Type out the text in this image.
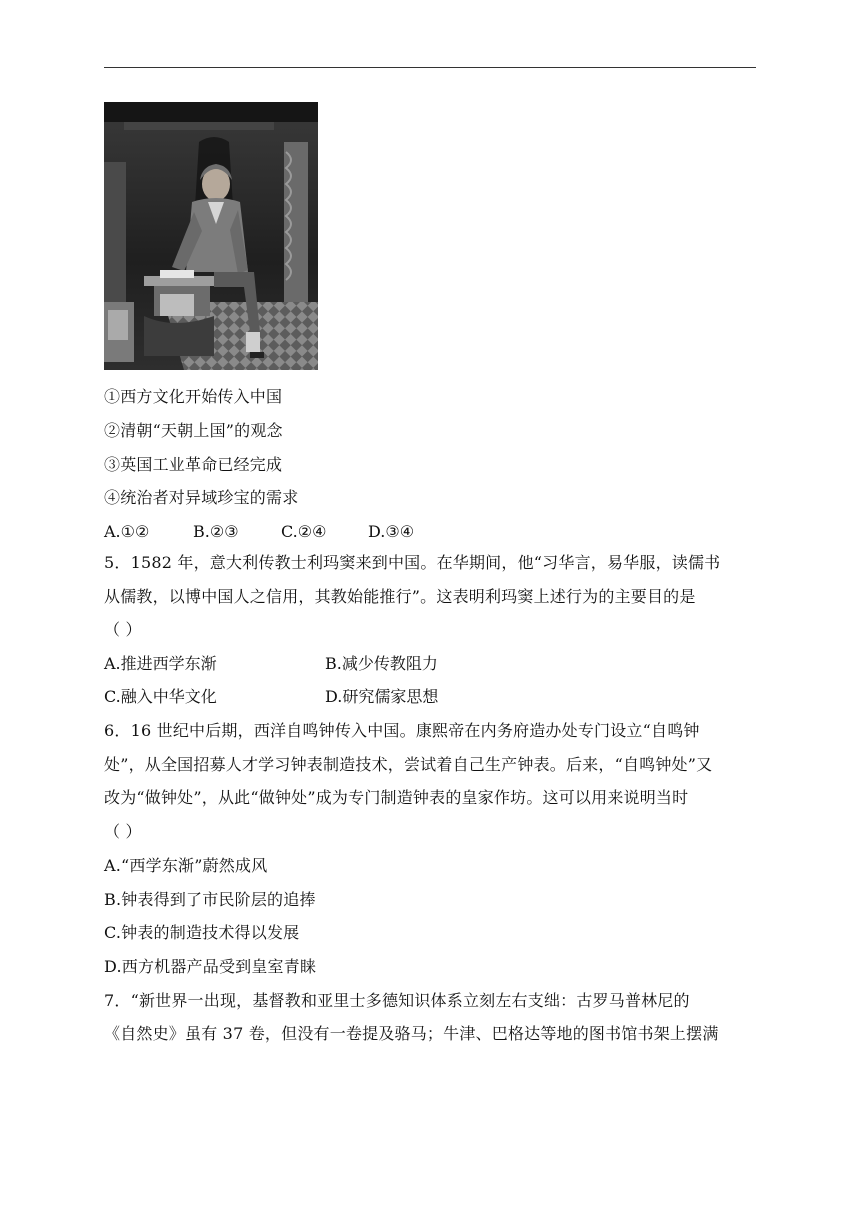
①西方文化开始传入中国
②清朝“天朝上国”的观念
③英国工业革命已经完成
④统治者对异域珍宝的需求
A.①②	B.②③	C.②④	D.③④
5．1582 年，意大利传教士利玛窦来到中国。在华期间，他“习华言，易华服，读儒书
从儒教，以博中国人之信用，其教始能推行”。这表明利玛窦上述行为的主要目的是
（ ）
A.推进西学东渐	B.减少传教阻力
C.融入中华文化	D.研究儒家思想
6．16 世纪中后期，西洋自鸣钟传入中国。康熙帝在内务府造办处专门设立“自鸣钟
处”，从全国招募人才学习钟表制造技术，尝试着自己生产钟表。后来，“自鸣钟处”又
改为“做钟处”，从此“做钟处”成为专门制造钟表的皇家作坊。这可以用来说明当时
（ ）
A.“西学东渐”蔚然成风
B.钟表得到了市民阶层的追捧
C.钟表的制造技术得以发展
D.西方机器产品受到皇室青睐
7．“新世界一出现，基督教和亚里士多德知识体系立刻左右支绌：古罗马普林尼的
《自然史》虽有 37 卷，但没有一卷提及骆马；牛津、巴格达等地的图书馆书架上摆满
